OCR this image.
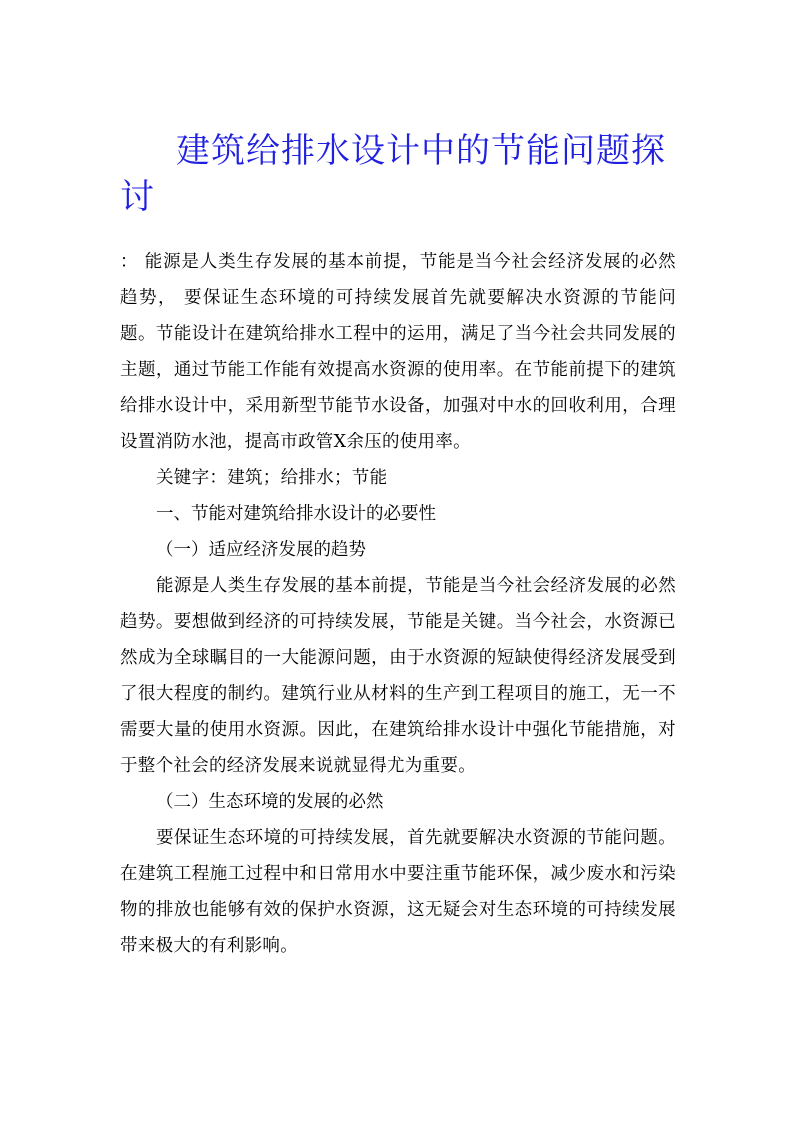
建筑给排水设计中的节能问题探讨

： 能源是人类生存发展的基本前提，节能是当今社会经济发展的必然趋势， 要保证生态环境的可持续发展首先就要解决水资源的节能问题。节能设计在建筑给排水工程中的运用，满足了当今社会共同发展的主题，通过节能工作能有效提高水资源的使用率。在节能前提下的建筑给排水设计中，采用新型节能节水设备，加强对中水的回收利用，合理设置消防水池，提高市政管X余压的使用率。

关键字：建筑；给排水；节能

一、节能对建筑给排水设计的必要性

（一）适应经济发展的趋势

能源是人类生存发展的基本前提，节能是当今社会经济发展的必然趋势。要想做到经济的可持续发展，节能是关键。当今社会，水资源已然成为全球瞩目的一大能源问题，由于水资源的短缺使得经济发展受到了很大程度的制约。建筑行业从材料的生产到工程项目的施工，无一不需要大量的使用水资源。因此，在建筑给排水设计中强化节能措施，对于整个社会的经济发展来说就显得尤为重要。

（二）生态环境的发展的必然

要保证生态环境的可持续发展，首先就要解决水资源的节能问题。在建筑工程施工过程中和日常用水中要注重节能环保，减少废水和污染物的排放也能够有效的保护水资源，这无疑会对生态环境的可持续发展带来极大的有利影响。
